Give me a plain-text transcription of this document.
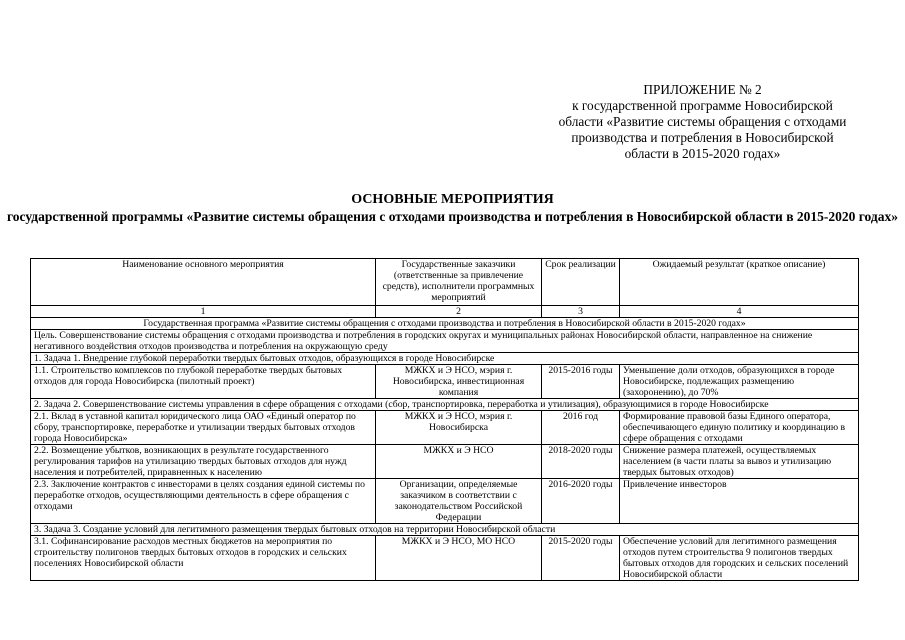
ПРИЛОЖЕНИЕ № 2
к государственной программе Новосибирской
области «Развитие системы обращения с отходами
производства и потребления в Новосибирской
области в 2015-2020 годах»
ОСНОВНЫЕ МЕРОПРИЯТИЯ
государственной программы «Развитие системы обращения с отходами производства и потребления в Новосибирской области в 2015-2020 годах»
Наименование основного мероприятия	Государственные заказчики (ответственные за привлечение средств), исполнители программных мероприятий	Срок реализации	Ожидаемый результат (краткое описание)
1	2	3	4
Государственная программа «Развитие системы обращения с отходами производства и потребления в Новосибирской области в 2015-2020 годах»			
Цель. Совершенствование системы обращения с отходами производства и потребления в городских округах и муниципальных районах Новосибирской области, направленное на снижение негативного воздействия отходов производства и потребления на окружающую среду			
1. Задача 1. Внедрение глубокой переработки твердых бытовых отходов, образующихся в городе Новосибирске			
1.1. Строительство комплексов по глубокой переработке твердых бытовых отходов для города Новосибирска (пилотный проект)	МЖКХ и Э НСО, мэрия г. Новосибирска, инвестиционная компания	2015-2016 годы	Уменьшение доли отходов, образующихся в городе Новосибирске, подлежащих размещению (захоронению), до 70%
2. Задача 2. Совершенствование системы управления в сфере обращения с отходами (сбор, транспортировка, переработка и утилизация), образующимися в городе Новосибирске			
2.1. Вклад в уставной капитал юридического лица ОАО «Единый оператор по сбору, транспортировке, переработке и утилизации твердых бытовых отходов города Новосибирска»	МЖКХ и Э НСО, мэрия г. Новосибирска	2016 год	Формирование правовой базы Единого оператора, обеспечивающего единую политику и координацию в сфере обращения с отходами
2.2. Возмещение убытков, возникающих в результате государственного регулирования тарифов на утилизацию твердых бытовых отходов для нужд населения и потребителей, приравненных к населению	МЖКХ и Э НСО	2018-2020 годы	Снижение размера платежей, осуществляемых населением (в части платы за вывоз и утилизацию твердых бытовых отходов)
2.3. Заключение контрактов с инвесторами в целях создания единой системы по переработке отходов, осуществляющими деятельность в сфере обращения с отходами	Организации, определяемые заказчиком в соответствии с законодательством Российской Федерации	2016-2020 годы	Привлечение инвесторов
3. Задача 3. Создание условий для легитимного размещения твердых бытовых отходов на территории Новосибирской области			
3.1. Софинансирование расходов местных бюджетов на мероприятия по строительству полигонов твердых бытовых отходов в городских и сельских поселениях Новосибирской области	МЖКХ и Э НСО, МО НСО	2015-2020 годы	Обеспечение условий для легитимного размещения отходов путем строительства 9 полигонов твердых бытовых отходов для городских и сельских поселений Новосибирской области
